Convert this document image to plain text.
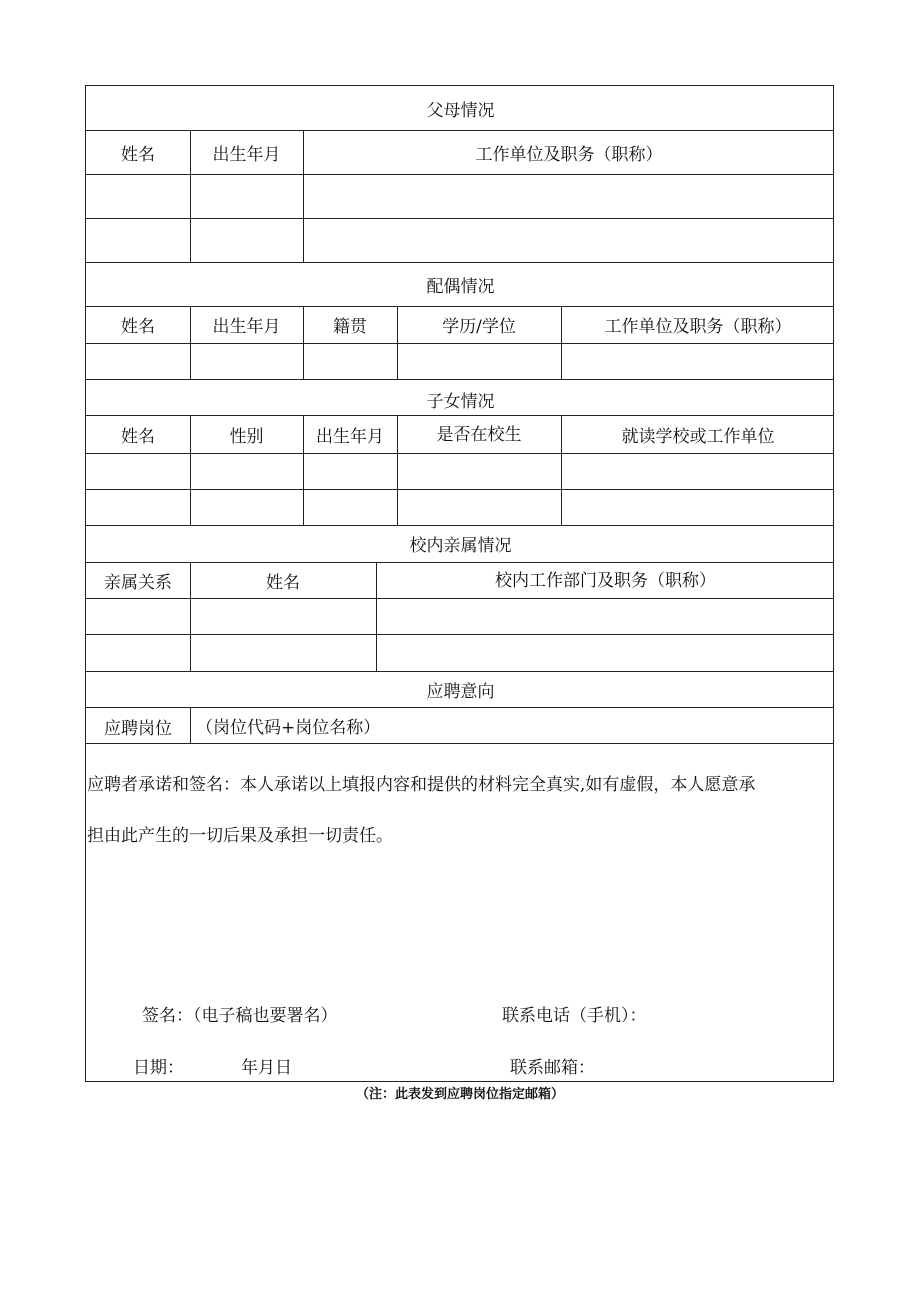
父母情况
姓名	出生年月	工作单位及职务（职称）
配偶情况
姓名	出生年月	籍贯	学历/学位	工作单位及职务（职称）
子女情况
姓名	性别	出生年月	是否在校生	就读学校或工作单位
校内亲属情况
亲属关系	姓名	校内工作部门及职务（职称）
应聘意向
应聘岗位	（岗位代码+岗位名称）
应聘者承诺和签名：本人承诺以上填报内容和提供的材料完全真实,如有虚假，本人愿意承
担由此产生的一切后果及承担一切责任。
签名：（电子稿也要署名）	联系电话（手机）：
日期：	年月日	联系邮箱：
（注：此表发到应聘岗位指定邮箱）
